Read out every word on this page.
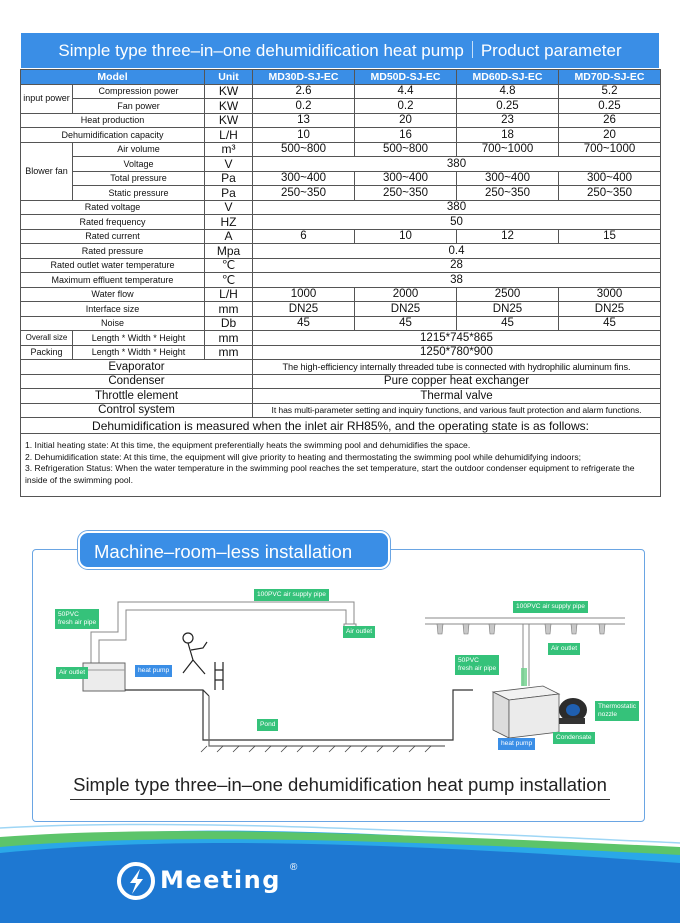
Simple type three–in–one dehumidification heat pump｜Product parameter
Model		Unit	MD30D-SJ-EC	MD50D-SJ-EC	MD60D-SJ-EC	MD70D-SJ-EC
input power	Compression power	KW	2.6	4.4	4.8	5.2
	Fan power	KW	0.2	0.2	0.25	0.25
Heat production		KW	13	20	23	26
Dehumidification capacity		L/H	10	16	18	20
Blower fan	Air volume	m³	500~800	500~800	700~1000	700~1000
	Voltage	V	380			
	Total pressure	Pa	300~400	300~400	300~400	300~400
	Static pressure	Pa	250~350	250~350	250~350	250~350
Rated voltage		V	380			
Rated frequency		HZ	50			
Rated current		A	6	10	12	15
Rated pressure		Mpa	0.4			
Rated outlet water temperature		℃	28			
Maximum effluent temperature		℃	38			
Water flow		L/H	1000	2000	2500	3000
Interface size		mm	DN25	DN25	DN25	DN25
Noise		Db	45	45	45	45
Overall size	Length * Width * Height	mm	1215*745*865			
Packing	Length * Width * Height	mm	1250*780*900			
Evaporator			The high-efficiency internally threaded tube is connected with hydrophilic aluminum fins.			
Condenser			Pure copper heat exchanger			
Throttle element			Thermal valve			
Control system			It has multi-parameter setting and inquiry functions, and various fault protection and alarm functions.			
Dehumidification is measured when the inlet air RH85%, and the operating state is as follows:						

1. Initial heating state: At this time, the equipment preferentially heats the swimming pool and dehumidifies the space.
2. Dehumidification state: At this time, the equipment will give priority to heating and thermostating the swimming pool while dehumidifying indoors;
3. Refrigeration Status: When the water temperature in the swimming pool reaches the set temperature, start the outdoor condenser equipment to refrigerate the inside of the swimming pool.						
Machine–room–less installation
100PVC air supply pipe
50PVC
fresh air pipe
Air outlet
Air outlet	heat pump
Pond
100PVC air supply pipe
Air outlet
50PVC
fresh air pipe
Thermostatic
nozzle
Condensate
heat pump
Simple type three–in–one dehumidification heat pump installation
Meeting ®
